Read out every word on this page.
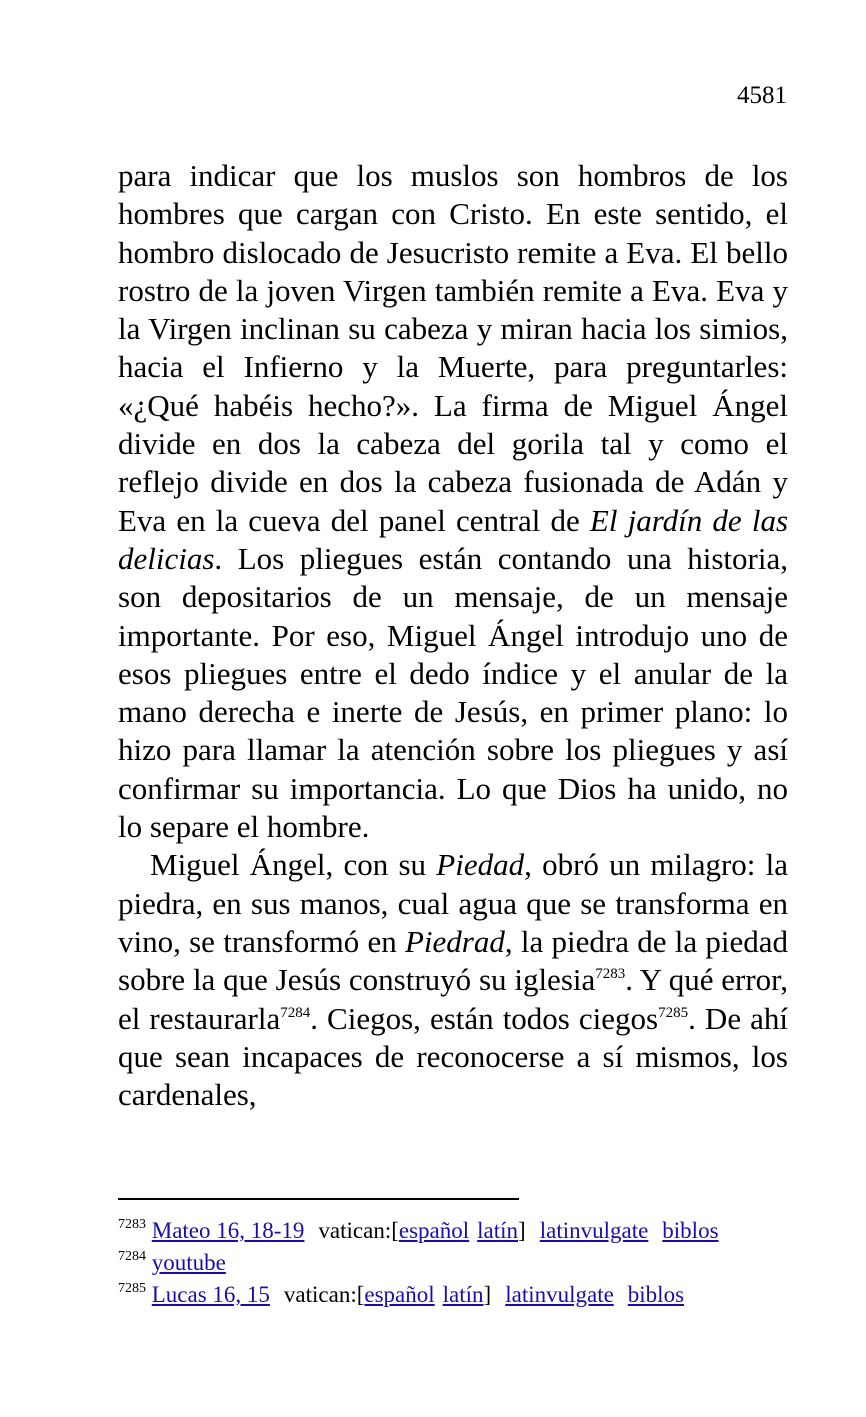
4581

para indicar que los muslos son hombros de los hombres que cargan con Cristo. En este sentido, el hombro dislocado de Jesucristo remite a Eva. El bello rostro de la joven Virgen también remite a Eva. Eva y la Virgen inclinan su cabeza y miran hacia los simios, hacia el Infierno y la Muerte, para preguntarles: «¿Qué habéis hecho?». La firma de Miguel Ángel divide en dos la cabeza del gorila tal y como el reflejo divide en dos la cabeza fusionada de Adán y Eva en la cueva del panel central de El jardín de las delicias. Los pliegues están contando una historia, son depositarios de un mensaje, de un mensaje importante. Por eso, Miguel Ángel introdujo uno de esos pliegues entre el dedo índice y el anular de la mano derecha e inerte de Jesús, en primer plano: lo hizo para llamar la atención sobre los pliegues y así confirmar su importancia. Lo que Dios ha unido, no lo separe el hombre.

Miguel Ángel, con su Piedad, obró un milagro: la piedra, en sus manos, cual agua que se transforma en vino, se transformó en Piedrad, la piedra de la piedad sobre la que Jesús construyó su iglesia$^{7283}$. Y qué error, el restaurarla$^{7284}$. Ciegos, están todos ciegos$^{7285}$. De ahí que sean incapaces de reconocerse a sí mismos, los cardenales,

$^{7283}$ Mateo 16, 18-19 vatican:[español latín] latinvulgate biblos
$^{7284}$ youtube
$^{7285}$ Lucas 16, 15 vatican:[español latín] latinvulgate biblos
